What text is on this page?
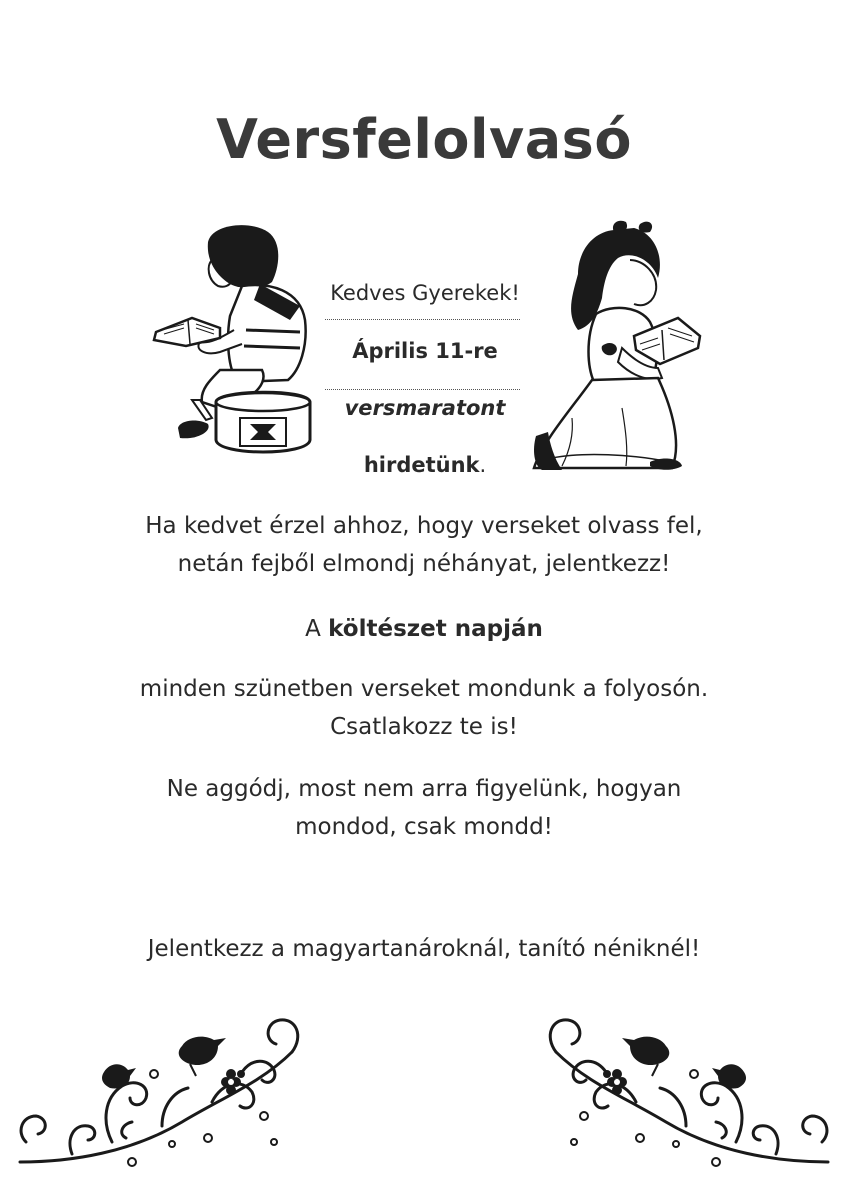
Versfelolvasó
Kedves Gyerekek!
Április 11-re
versmaratont
hirdetünk.
Ha kedvet érzel ahhoz, hogy verseket olvass fel,
netán fejből elmondj néhányat, jelentkezz!
A költészet napján
minden szünetben verseket mondunk a folyosón.
Csatlakozz te is!
Ne aggódj, most nem arra figyelünk, hogyan
mondod, csak mondd!
Jelentkezz a magyartanároknál, tanító néniknél!
